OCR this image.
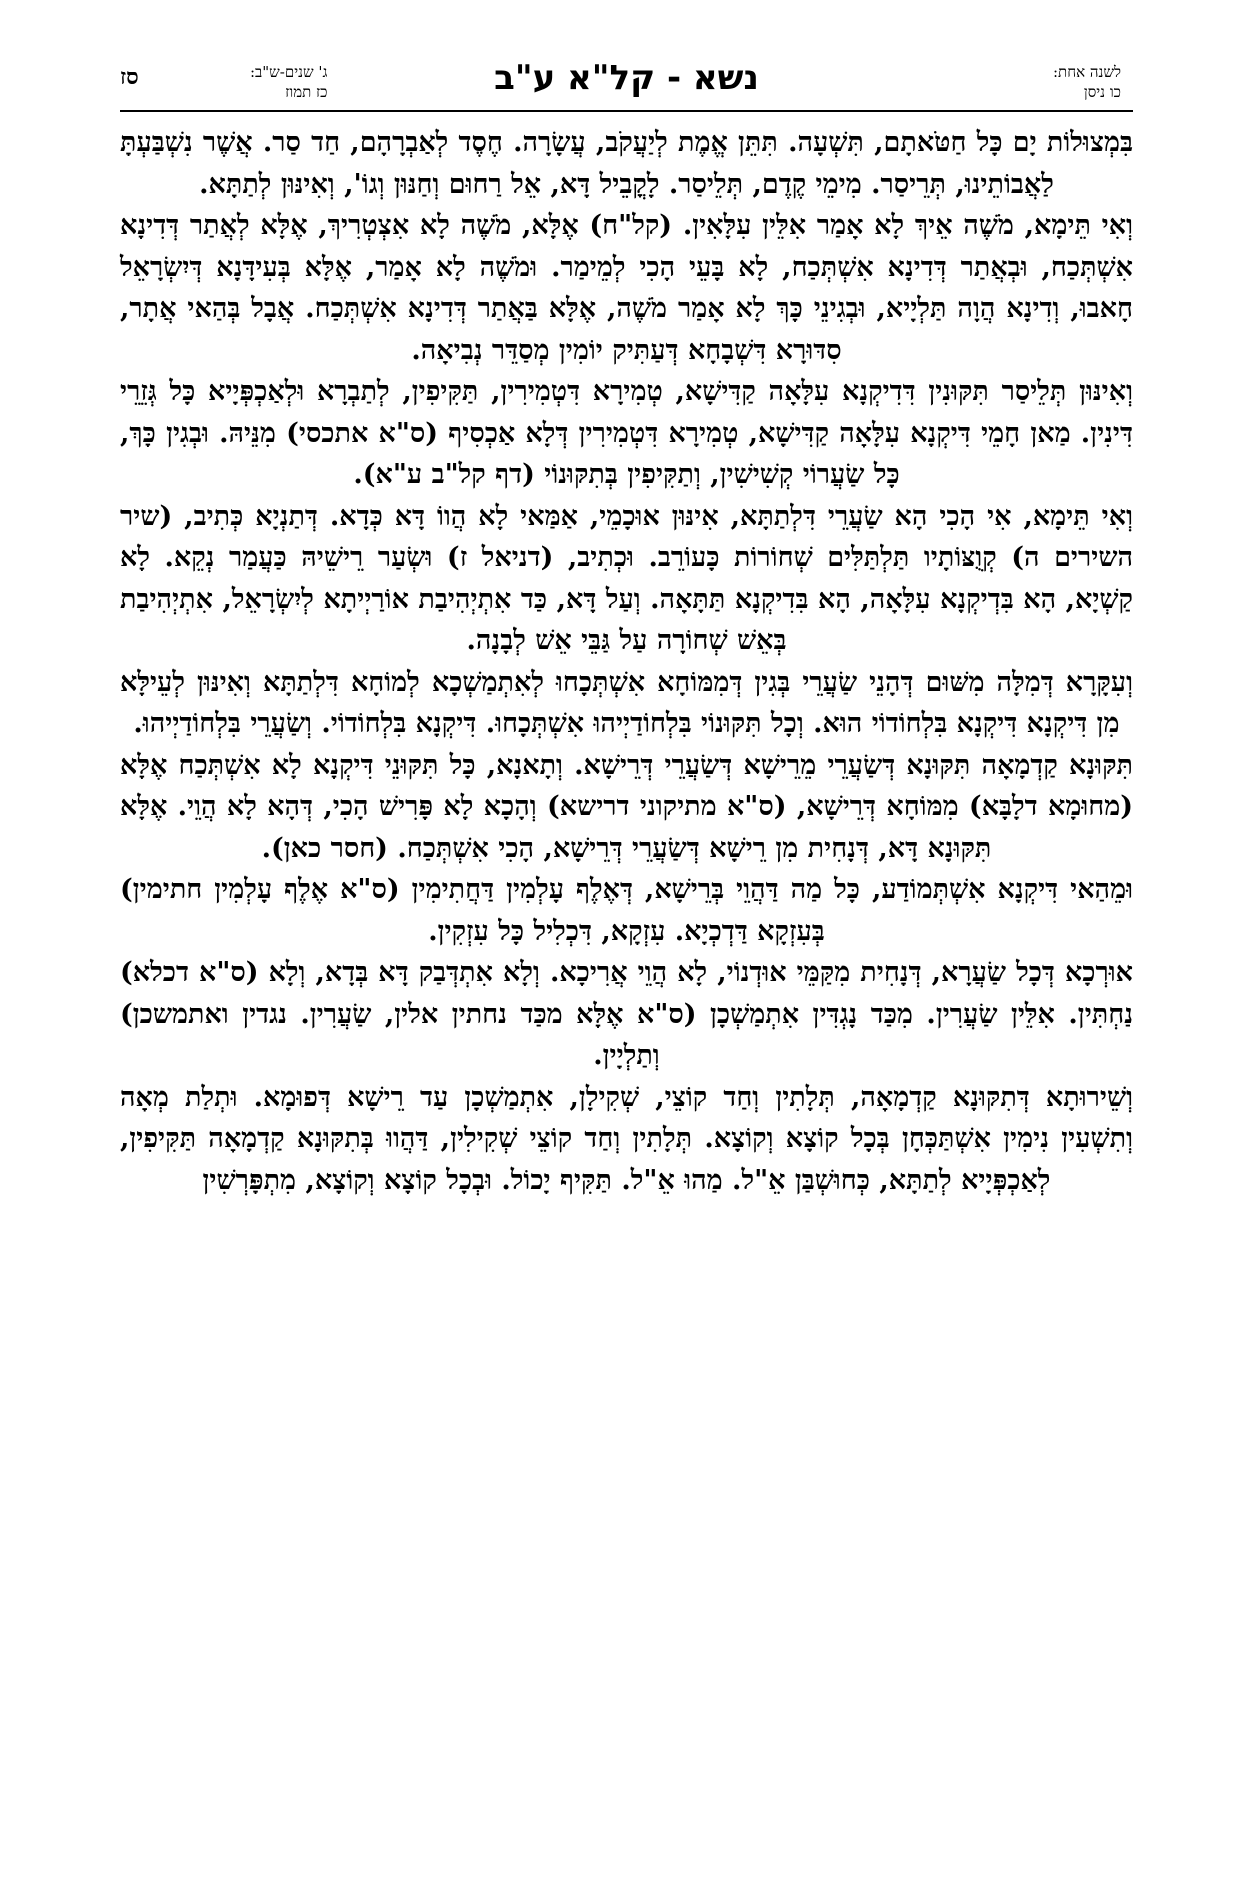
לשנה אחת:
כו ניסן
נשא - קל"א ע"ב
ג' שנים-ש"ב:
כז תמוז
סז

בִּמְצוּלוֹת יָם כָּל חַטֹּאתָם, תִּשְׁעָה. תִּתֵּן אֱמֶת לְיַעֲקֹב, עֲשָׂרָה. חֶסֶד לְאַבְרָהָם, חַד סַר. אֲשֶׁר נִשְׁבַּעְתָּ לַאֲבוֹתֵינוּ, תְּרֵיסַר. מִימֵי קֶדֶם, תְּלֵיסַר. לָקֳבֵיל דָּא, אֵל רַחוּם וְחַנּוּן וְגוֹ', וְאִינּוּן לְתַתָּא.

וְאִי תֵּימָא, מֹשֶׁה אֵיךְ לָא אָמַר אִלֵּין עִלָּאִין. (קל"ח) אֶלָּא, מֹשֶׁה לָא אִצְטְרִיךְ, אֶלָּא לְאֲתַר דְּדִינָא אִשְׁתְּכַח, וּבְאֲתַר דְּדִינָא אִשְׁתְּכַח, לָא בָּעֵי הָכִי לְמֵימַר. וּמֹשֶׁה לָא אָמַר, אֶלָּא בְּעִידָּנָא דְּיִשְׂרָאֵל חָאבוּ, וְדִינָא הֲוָה תַּלְיָיא, וּבְגִינֵי כָּךְ לָא אָמַר מֹשֶׁה, אֶלָּא בַּאֲתַר דְּדִינָא אִשְׁתְּכַח. אֲבָל בְּהַאי אֲתָר, סִדּוּרָא דִּשְׁבָחָא דְּעַתִּיק יוֹמִין מְסַדֵּר נְבִיאָה.

וְאִינּוּן תְּלֵיסַר תִּקּוּנִין דִּדִיקְנָא עִלָּאָה קַדִּישָׁא, טְמִירָא דִּטְמִירִין, תַּקִּיפִין, לְתַבְרָא וּלְאַכְפְּיָיא כָּל גְּזֵרֵי דִּינִין. מַאן חָמֵי דִּיקְנָא עִלָּאָה קַדִּישָׁא, טְמִירָא דִּטְמִירִין דְּלָא אַכְסִיף (ס"א אתכסי) מִנֵּיהּ. וּבְגִין כָּךְ, כָּל שַׂעֲרוֹי קְשִׁישִׁין, וְתַקִּיפִין בְּתִקּוּנוֹי (דף קל"ב ע"א).

וְאִי תֵּימָא, אִי הָכִי הָא שַׂעֲרֵי דִּלְתַתָּא, אִינּוּן אוּכָמֵי, אַמַּאי לָא הֲווֹ דָּא כְּדָא. דְּתַנְיָא כְּתִיב, (שיר השירים ה) קְוֻצּוֹתָיו תַּלְתַּלִּים שְׁחוֹרוֹת כָּעוֹרֵב. וּכְתִיב, (דניאל ז) וּשְׂעַר רֵישֵׁיהּ כַּעֲמַר נְקֵא. לָא קַשְׁיָא, הָא בִּדְיקְנָא עִלָּאָה, הָא בִּדִיקְנָא תַּתָּאָה. וְעַל דָּא, כַּד אִתְיְהִיבַת אוֹרַיְיתָא לְיִשְׂרָאֵל, אִתְיְהִיבַת בְּאֵשׁ שְׁחוֹרָה עַל גַּבֵּי אֵשׁ לְבָנָה.

וְעִקָּרָא דְּמִלָּה מִשּׁוּם דְּהָנֵי שַׂעֲרֵי בְּגִין דְּמִמּוֹחָא אִשְׁתְּכָחוּ לְאִתְמַשְׁכָא לְמוֹחָא דִּלְתַתָּא וְאִינּוּן לְעֵילָּא מִן דִּיקְנָא דִּיקְנָא בִּלְחוֹדוֹי הוּא. וְכָל תִּקּוּנוֹי בִּלְחוֹדַיְיהוּ אִשְׁתְּכָחוּ. דִּיקְנָא בִּלְחוֹדוֹי. וְשַׂעֲרֵי בִּלְחוֹדַיְיהוּ.

תִּקּוּנָא קַדְמָאָה תִּקּוּנָא דְּשַׂעֲרֵי מֵרֵישָׁא דְּשַׂעֲרֵי דְּרֵישָׁא. וְתָאנָא, כָּל תִּקּוּנֵי דִּיקְנָא לָא אִשְׁתְּכַח אֶלָּא (מחוּמָא דלָבָּא) מִמּוֹחָא דְּרֵישָׁא, (ס"א מתיקוני דרישא) וְהָכָא לָא פָּרִישׁ הָכִי, דְּהָא לָא הֲוֵי. אֶלָּא תִּקּוּנָא דָּא, דְּנָחִית מִן רֵישָׁא דְּשַׂעֲרֵי דְּרֵישָׁא, הָכִי אִשְׁתְּכַח. (חסר כאן).

וּמֵהַאי דִּיקְנָא אִשְׁתְּמוֹדַע, כָּל מַה דַּהֲוֵי בְּרֵישָׁא, דְּאֶלֶף עָלְמִין דַּחֲתִימִין (ס"א אֶלֶף עָלְמִין חתימין) בְּעִזְקָא דַּדְכְיָא. עִזְקָא, דִּכְלִיל כָּל עִזְקִין.

אוּרְכָא דְּכָל שַׂעֲרָא, דְּנָחִית מִקַּמֵּי אוּדְנוֹי, לָא הֲוֵי אֲרִיכָא. וְלָא אִתְדְּבַק דָּא בְּדָא, וְלָא (ס"א דכלא) נַחְתִּין. אִלֵּין שַׂעֲרִין. מִכַּד נָגְדִּין אִתְמַשְׁכָן (ס"א אֶלָּא מכַּד נחתין אלין, שַׂעֲרִין. נגדין ואתמשכן) וְתַלְיָין.

וְשֵׁירוּתָא דְּתִקּוּנָא קַדְמָאָה, תְּלָתִין וְחַד קוֹצֵי, שְׁקִילָן, אִתְמַשְׁכָן עַד רֵישָׁא דְּפוּמָא. וּתְלַת מְאָה וְתִשְׁעִין נִימִין אִשְׁתַּכְּחָן בְּכָל קוֹצָא וְקוֹצָא. תְּלָתִין וְחַד קוֹצֵי שְׁקִילִין, דַּהֲווּ בְּתִקּוּנָא קַדְמָאָה תַּקִּיפִין, לְאַכְפְּיָיא לְתַתָּא, כְּחוּשְׁבַּן אֵ"ל. מַהוּ אֵ"ל. תַּקִּיף יָכוֹל. וּבְכָל קוֹצָא וְקוֹצָא, מִתְפָּרְשִׁין
